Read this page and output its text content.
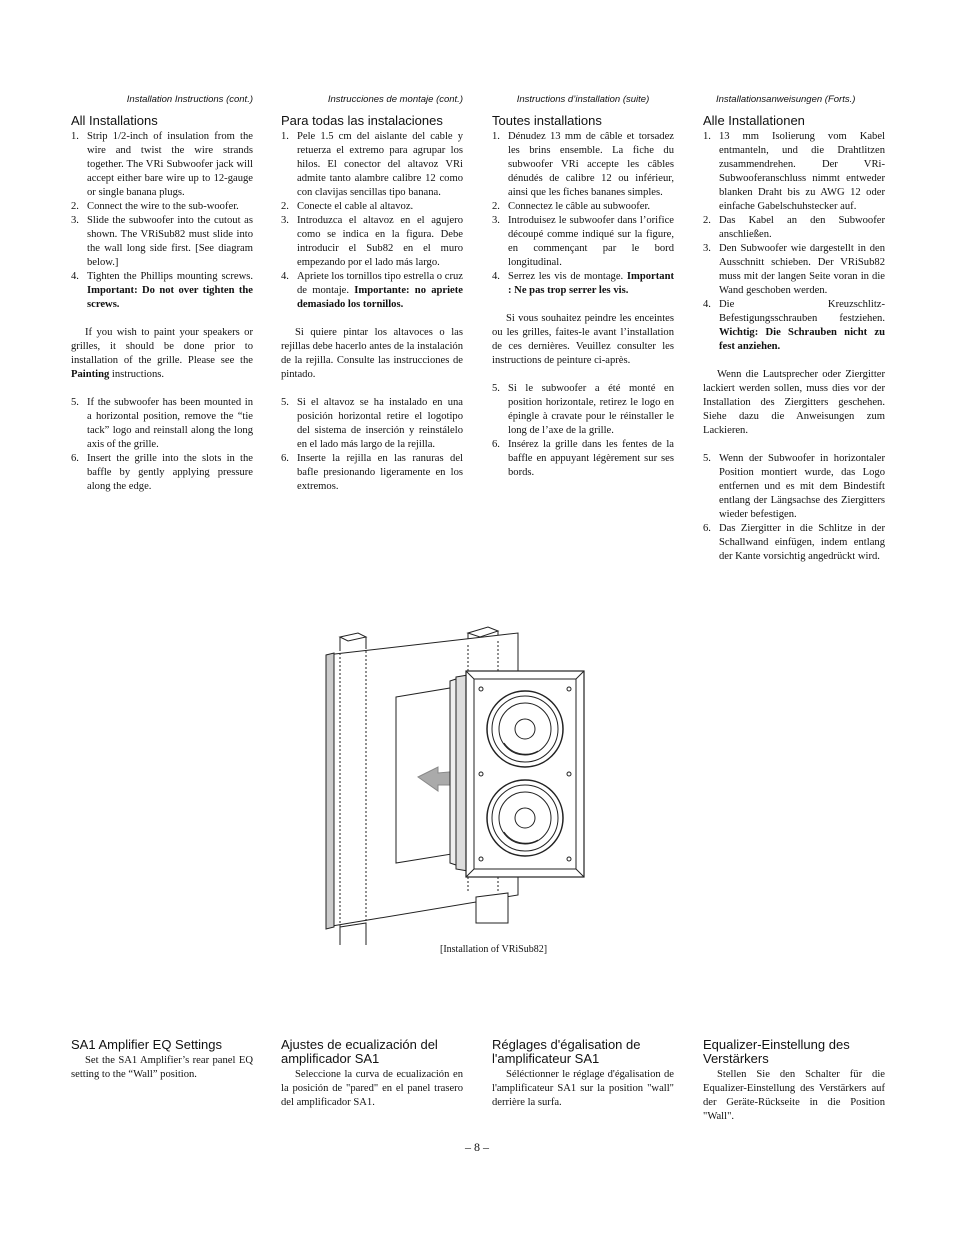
Installation Instructions (cont.)
All Installations
1. Strip 1/2-inch of insulation from the wire and twist the wire strands together. The VRi Subwoofer jack will accept either bare wire up to 12-gauge or single banana plugs.
2. Connect the wire to the sub-woofer.
3. Slide the subwoofer into the cutout as shown. The VRiSub82 must slide into the wall long side first. [See diagram below.]
4. Tighten the Phillips mounting screws. Important: Do not over tighten the screws.

If you wish to paint your speakers or grilles, it should be done prior to installation of the grille. Please see the Painting instructions.

5. If the subwoofer has been mounted in a horizontal position, remove the “tie tack” logo and reinstall along the long axis of the grille.
6. Insert the grille into the slots in the baffle by gently applying pressure along the edge.
Instrucciones de montaje (cont.)
Para todas las instalaciones
1. Pele 1.5 cm del aislante del cable y retuerza el extremo para agrupar los hilos. El conector del altavoz VRi admite tanto alambre calibre 12 como con clavijas sencillas tipo banana.
2. Conecte el cable al altavoz.
3. Introduzca el altavoz en el agujero como se indica en la figura. Debe introducir el Sub82 en el muro empezando por el lado más largo.
4. Apriete los tornillos tipo estrella o cruz de montaje. Importante: no apriete demasiado los tornillos.

Si quiere pintar los altavoces o las rejillas debe hacerlo antes de la instalación de la rejilla. Consulte las instrucciones de pintado.

5. Si el altavoz se ha instalado en una posición horizontal retire el logotipo del sistema de inserción y reinstálelo en el lado más largo de la rejilla.
6. Inserte la rejilla en las ranuras del bafle presionando ligeramente en los extremos.
Instructions d’installation (suite)
Toutes installations
1. Dénudez 13 mm de câble et torsadez les brins ensemble. La fiche du subwoofer VRi accepte les câbles dénudés de calibre 12 ou inférieur, ainsi que les fiches bananes simples.
2. Connectez le câble au subwoofer.
3. Introduisez le subwoofer dans l’orifice découpé comme indiqué sur la figure, en commençant par le bord longitudinal.
4. Serrez les vis de montage. Important : Ne pas trop serrer les vis.

Si vous souhaitez peindre les enceintes ou les grilles, faites-le avant l’installation de ces dernières. Veuillez consulter les instructions de peinture ci-après.

5. Si le subwoofer a été monté en position horizontale, retirez le logo en épingle à cravate pour le réinstaller le long de l’axe de la grille.
6. Insérez la grille dans les fentes de la baffle en appuyant légèrement sur ses bords.
Installationsanweisungen (Forts.)
Alle Installationen
1. 13 mm Isolierung vom Kabel entmanteln, und die Drahtlitzen zusammendrehen. Der VRi-Subwooferanschluss nimmt entweder blanken Draht bis zu AWG 12 oder einfache Gabelschuhstecker auf.
2. Das Kabel an den Subwoofer anschließen.
3. Den Subwoofer wie dargestellt in den Ausschnitt schieben. Der VRiSub82 muss mit der langen Seite voran in die Wand geschoben werden.
4. Die Kreuzschlitz-Befestigungsschrauben festziehen. Wichtig: Die Schrauben nicht zu fest anziehen.

Wenn die Lautsprecher oder Ziergitter lackiert werden sollen, muss dies vor der Installation des Ziergitters geschehen. Siehe dazu die Anweisungen zum Lackieren.

5. Wenn der Subwoofer in horizontaler Position montiert wurde, das Logo entfernen und es mit dem Bindestift entlang der Längsachse des Ziergitters wieder befestigen.
6. Das Ziergitter in die Schlitze in der Schallwand einfügen, indem entlang der Kante vorsichtig angedrückt wird.
[Installation of VRiSub82]
SA1 Amplifier EQ Settings

Set the SA1 Amplifier’s rear panel EQ setting to the “Wall” position.

Ajustes de ecualización del amplificador SA1

Seleccione la curva de ecualización en la posición de "pared" en el panel trasero del amplificador SA1.

Réglages d'égalisation de l'amplificateur SA1

Séléctionner le réglage d'égalisation de l'amplificateur SA1 sur la position "wall" derrière la surfa.

Equalizer-Einstellung des Verstärkers

Stellen Sie den Schalter für die Equalizer-Einstellung des Verstärkers auf der Geräte-Rückseite in die Position "Wall".

– 8 –
